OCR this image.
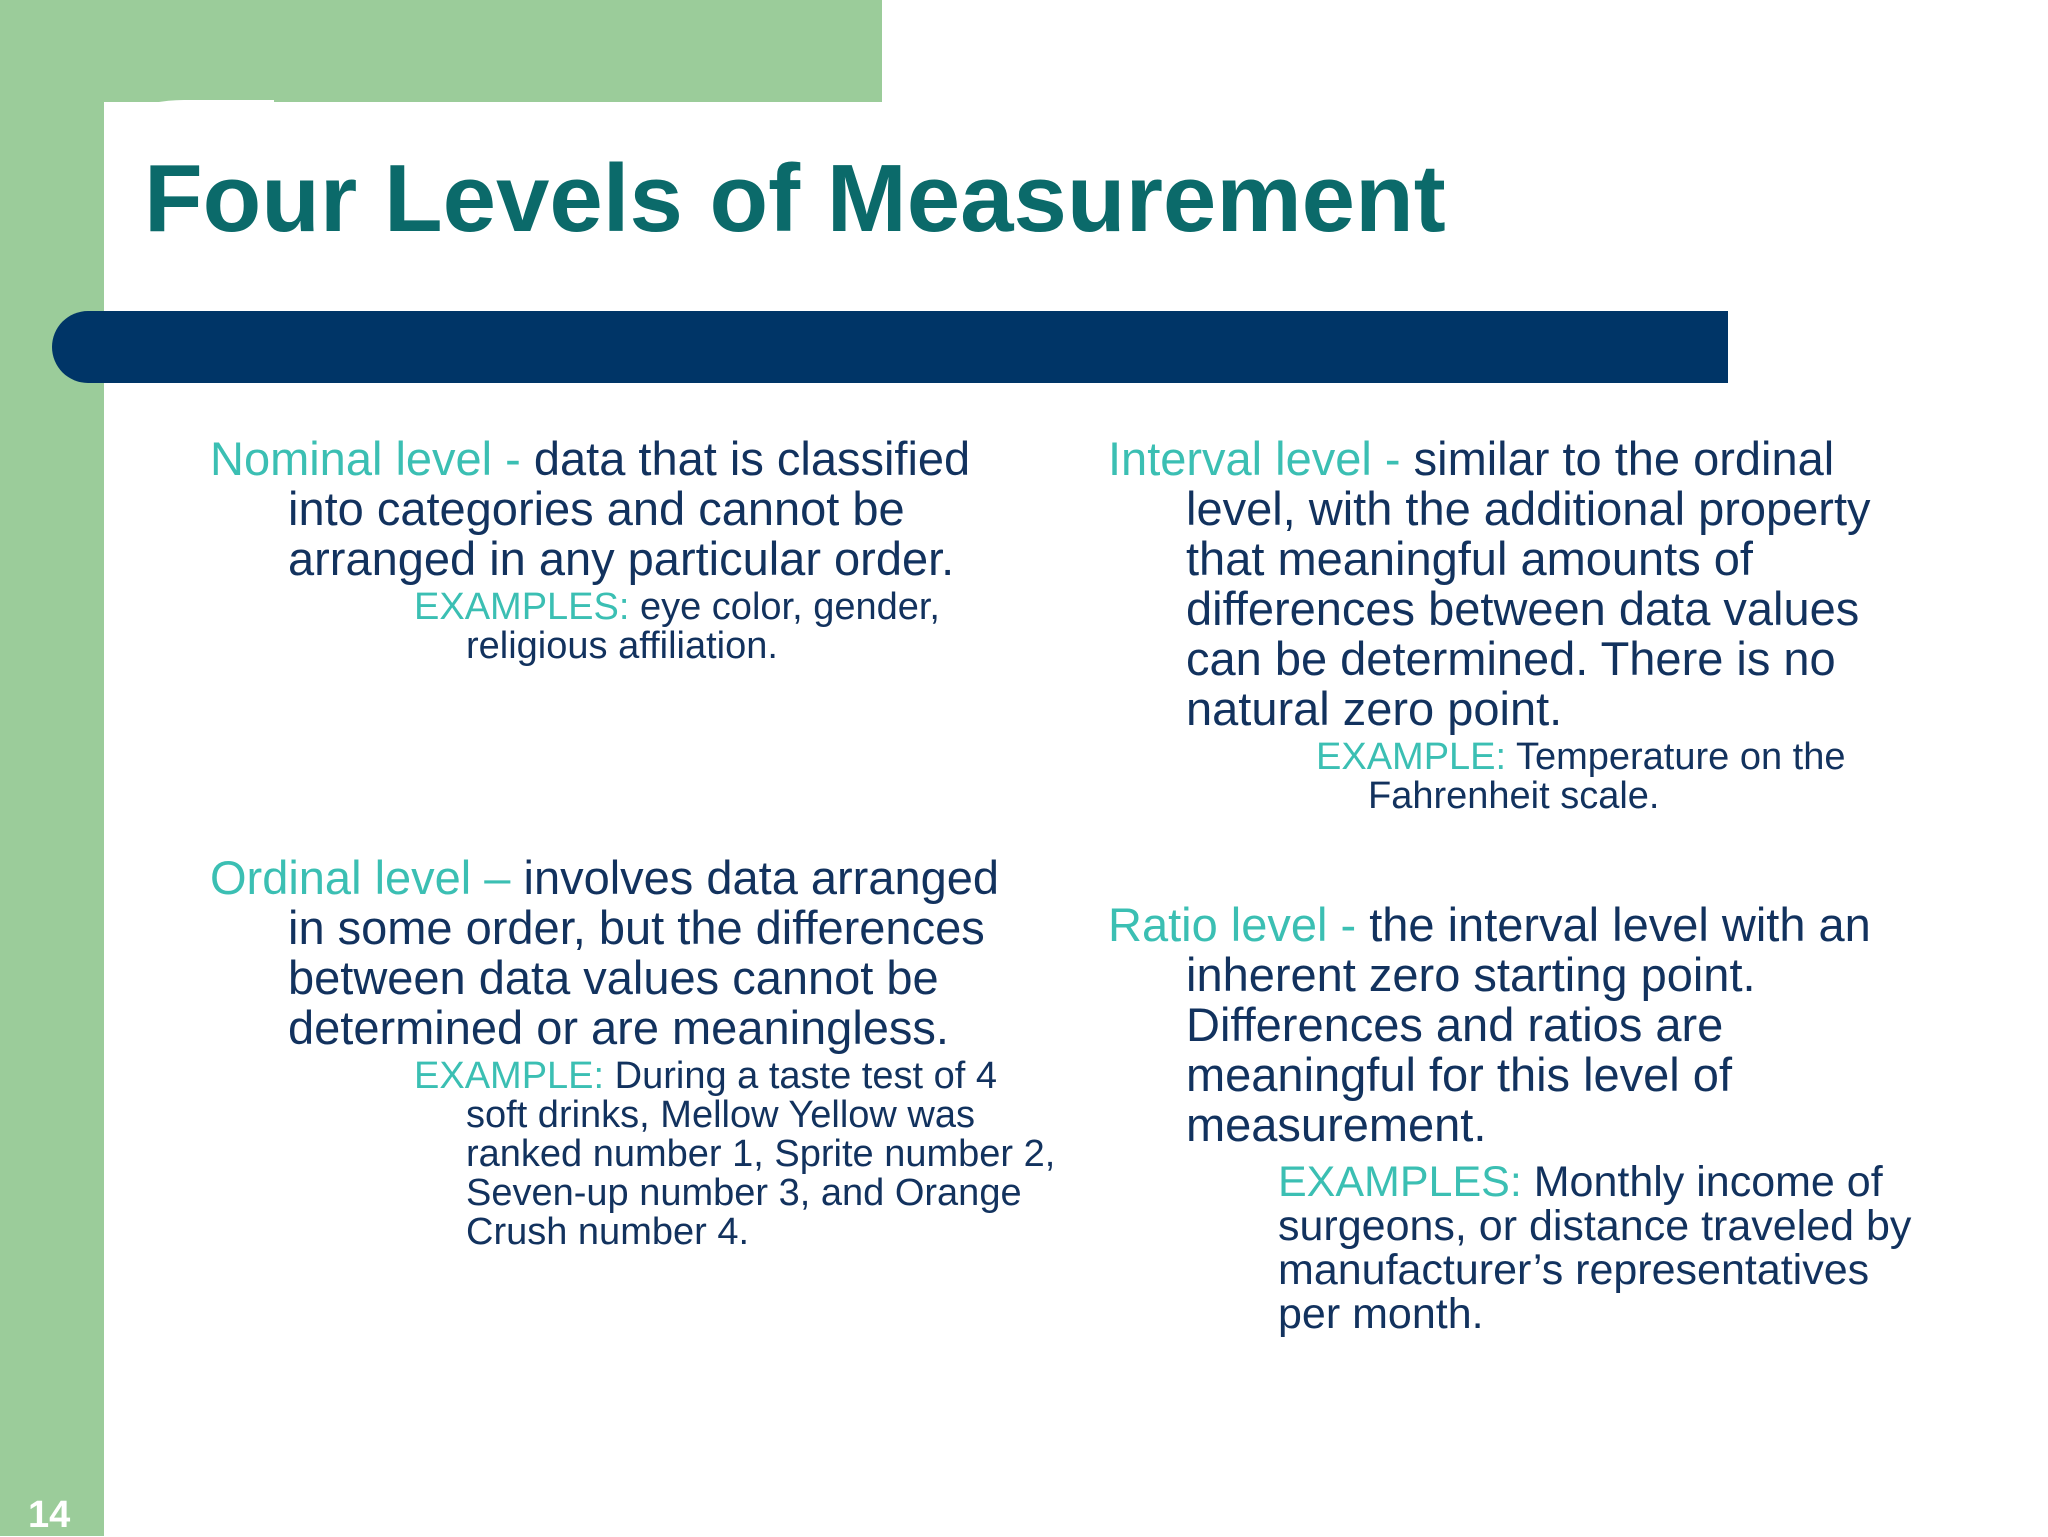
Four Levels of Measurement

Nominal level - data that is classified into categories and cannot be arranged in any particular order.

EXAMPLES: eye color, gender, religious affiliation.

Ordinal level – involves data arranged in some order, but the differences between data values cannot be determined or are meaningless.

EXAMPLE: During a taste test of 4 soft drinks, Mellow Yellow was ranked number 1, Sprite number 2, Seven-up number 3, and Orange Crush number 4.

Interval level - similar to the ordinal level, with the additional property that meaningful amounts of differences between data values can be determined. There is no natural zero point.

EXAMPLE: Temperature on the Fahrenheit scale.

Ratio level - the interval level with an inherent zero starting point. Differences and ratios are meaningful for this level of measurement.

EXAMPLES: Monthly income of surgeons, or distance traveled by manufacturer’s representatives per month.

14
